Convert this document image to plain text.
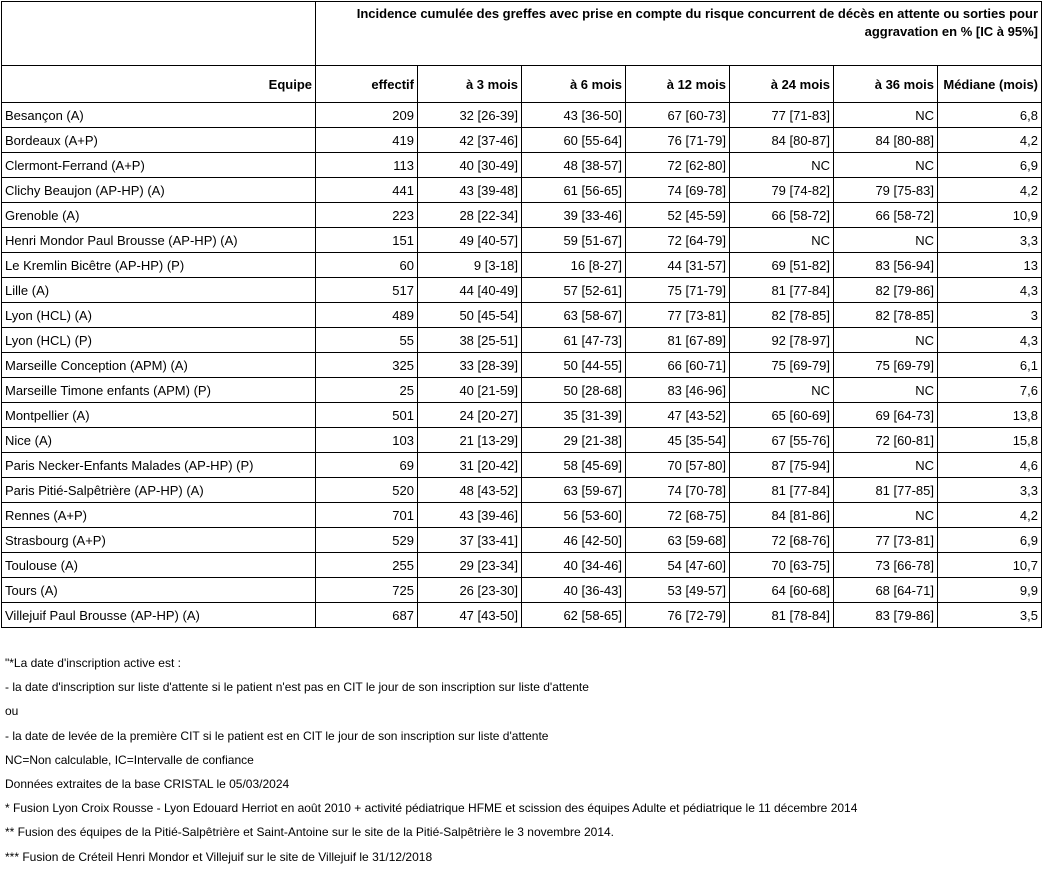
	Incidence cumulée des greffes avec prise en compte du risque concurrent de décès en attente ou sorties pour aggravation en % [IC à 95%]						
Equipe	effectif	à 3 mois	à 6 mois	à 12 mois	à 24 mois	à 36 mois	Médiane (mois)
Besançon (A)	209	32 [26-39]	43 [36-50]	67 [60-73]	77 [71-83]	NC	6,8
Bordeaux (A+P)	419	42 [37-46]	60 [55-64]	76 [71-79]	84 [80-87]	84 [80-88]	4,2
Clermont-Ferrand (A+P)	113	40 [30-49]	48 [38-57]	72 [62-80]	NC	NC	6,9
Clichy Beaujon (AP-HP) (A)	441	43 [39-48]	61 [56-65]	74 [69-78]	79 [74-82]	79 [75-83]	4,2
Grenoble (A)	223	28 [22-34]	39 [33-46]	52 [45-59]	66 [58-72]	66 [58-72]	10,9
Henri Mondor Paul Brousse (AP-HP) (A)	151	49 [40-57]	59 [51-67]	72 [64-79]	NC	NC	3,3
Le Kremlin Bicêtre (AP-HP) (P)	60	9 [3-18]	16 [8-27]	44 [31-57]	69 [51-82]	83 [56-94]	13
Lille (A)	517	44 [40-49]	57 [52-61]	75 [71-79]	81 [77-84]	82 [79-86]	4,3
Lyon (HCL) (A)	489	50 [45-54]	63 [58-67]	77 [73-81]	82 [78-85]	82 [78-85]	3
Lyon (HCL) (P)	55	38 [25-51]	61 [47-73]	81 [67-89]	92 [78-97]	NC	4,3
Marseille Conception (APM) (A)	325	33 [28-39]	50 [44-55]	66 [60-71]	75 [69-79]	75 [69-79]	6,1
Marseille Timone enfants (APM) (P)	25	40 [21-59]	50 [28-68]	83 [46-96]	NC	NC	7,6
Montpellier (A)	501	24 [20-27]	35 [31-39]	47 [43-52]	65 [60-69]	69 [64-73]	13,8
Nice (A)	103	21 [13-29]	29 [21-38]	45 [35-54]	67 [55-76]	72 [60-81]	15,8
Paris Necker-Enfants Malades (AP-HP) (P)	69	31 [20-42]	58 [45-69]	70 [57-80]	87 [75-94]	NC	4,6
Paris Pitié-Salpêtrière (AP-HP) (A)	520	48 [43-52]	63 [59-67]	74 [70-78]	81 [77-84]	81 [77-85]	3,3
Rennes (A+P)	701	43 [39-46]	56 [53-60]	72 [68-75]	84 [81-86]	NC	4,2
Strasbourg (A+P)	529	37 [33-41]	46 [42-50]	63 [59-68]	72 [68-76]	77 [73-81]	6,9
Toulouse (A)	255	29 [23-34]	40 [34-46]	54 [47-60]	70 [63-75]	73 [66-78]	10,7
Tours (A)	725	26 [23-30]	40 [36-43]	53 [49-57]	64 [60-68]	68 [64-71]	9,9
Villejuif Paul Brousse (AP-HP) (A)	687	47 [43-50]	62 [58-65]	76 [72-79]	81 [78-84]	83 [79-86]	3,5
"*La date d'inscription active est :
- la date d'inscription sur liste d'attente si le patient n'est pas en CIT le jour de son inscription sur liste d'attente
ou
- la date de levée de la première CIT si le patient est en CIT le jour de son inscription sur liste d'attente
NC=Non calculable, IC=Intervalle de confiance
Données extraites de la base CRISTAL le 05/03/2024
* Fusion Lyon Croix Rousse - Lyon Edouard Herriot en août 2010 + activité pédiatrique HFME et scission des équipes Adulte et pédiatrique le 11 décembre 2014
** Fusion des équipes de la Pitié-Salpêtrière et Saint-Antoine sur le site de la Pitié-Salpêtrière le 3 novembre 2014.
*** Fusion de Créteil Henri Mondor et Villejuif sur le site de Villejuif le 31/12/2018
